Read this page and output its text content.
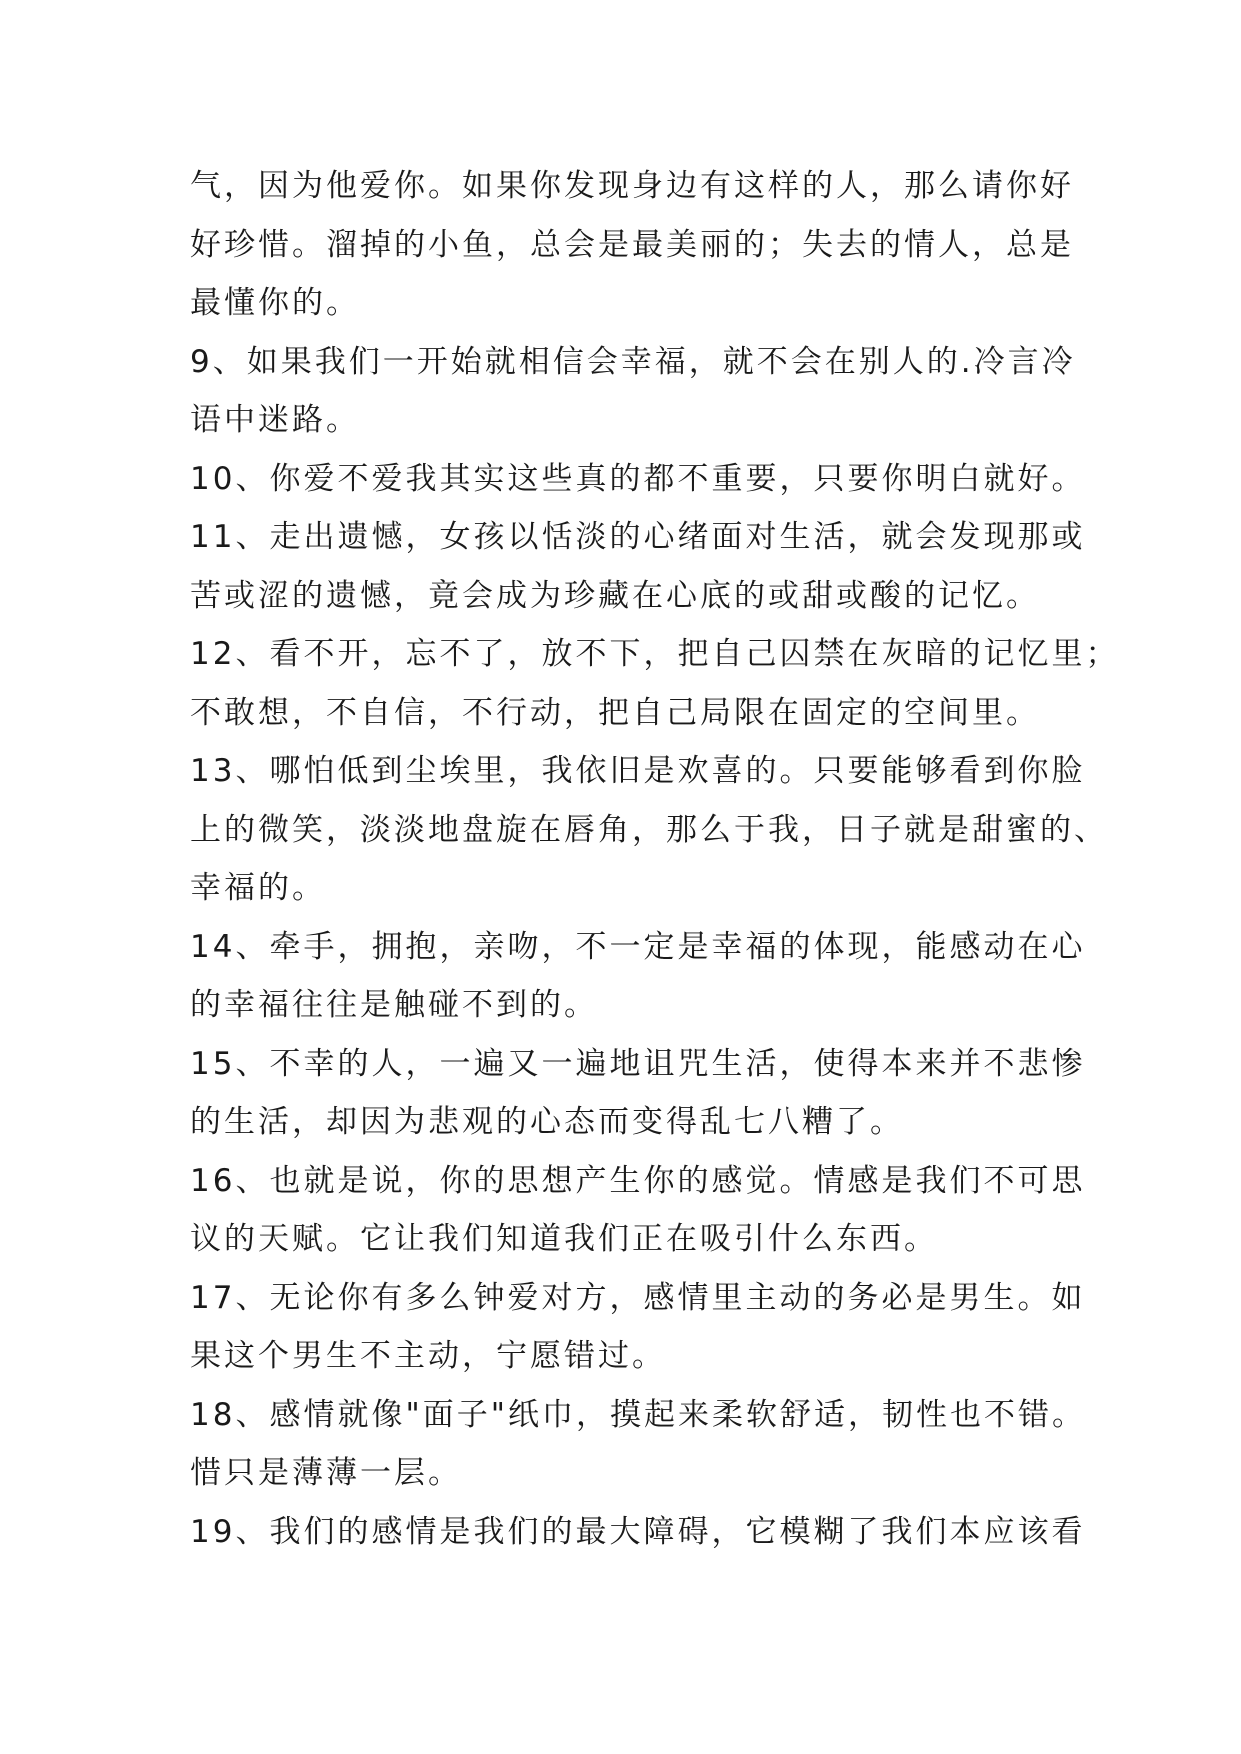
气，因为他爱你。如果你发现身边有这样的人，那么请你好
好珍惜。溜掉的小鱼，总会是最美丽的；失去的情人，总是
最懂你的。
9、如果我们一开始就相信会幸福，就不会在别人的.冷言冷
语中迷路。
10、你爱不爱我其实这些真的都不重要，只要你明白就好。
11、走出遗憾，女孩以恬淡的心绪面对生活，就会发现那或
苦或涩的遗憾，竟会成为珍藏在心底的或甜或酸的记忆。
12、看不开，忘不了，放不下，把自己囚禁在灰暗的记忆里；
不敢想，不自信，不行动，把自己局限在固定的空间里。
13、哪怕低到尘埃里，我依旧是欢喜的。只要能够看到你脸
上的微笑，淡淡地盘旋在唇角，那么于我，日子就是甜蜜的、
幸福的。
14、牵手，拥抱，亲吻，不一定是幸福的体现，能感动在心
的幸福往往是触碰不到的。
15、不幸的人，一遍又一遍地诅咒生活，使得本来并不悲惨
的生活，却因为悲观的心态而变得乱七八糟了。
16、也就是说，你的思想产生你的感觉。情感是我们不可思
议的天赋。它让我们知道我们正在吸引什么东西。
17、无论你有多么钟爱对方，感情里主动的务必是男生。如
果这个男生不主动，宁愿错过。
18、感情就像"面子"纸巾，摸起来柔软舒适，韧性也不错。
惜只是薄薄一层。
19、我们的感情是我们的最大障碍，它模糊了我们本应该看
